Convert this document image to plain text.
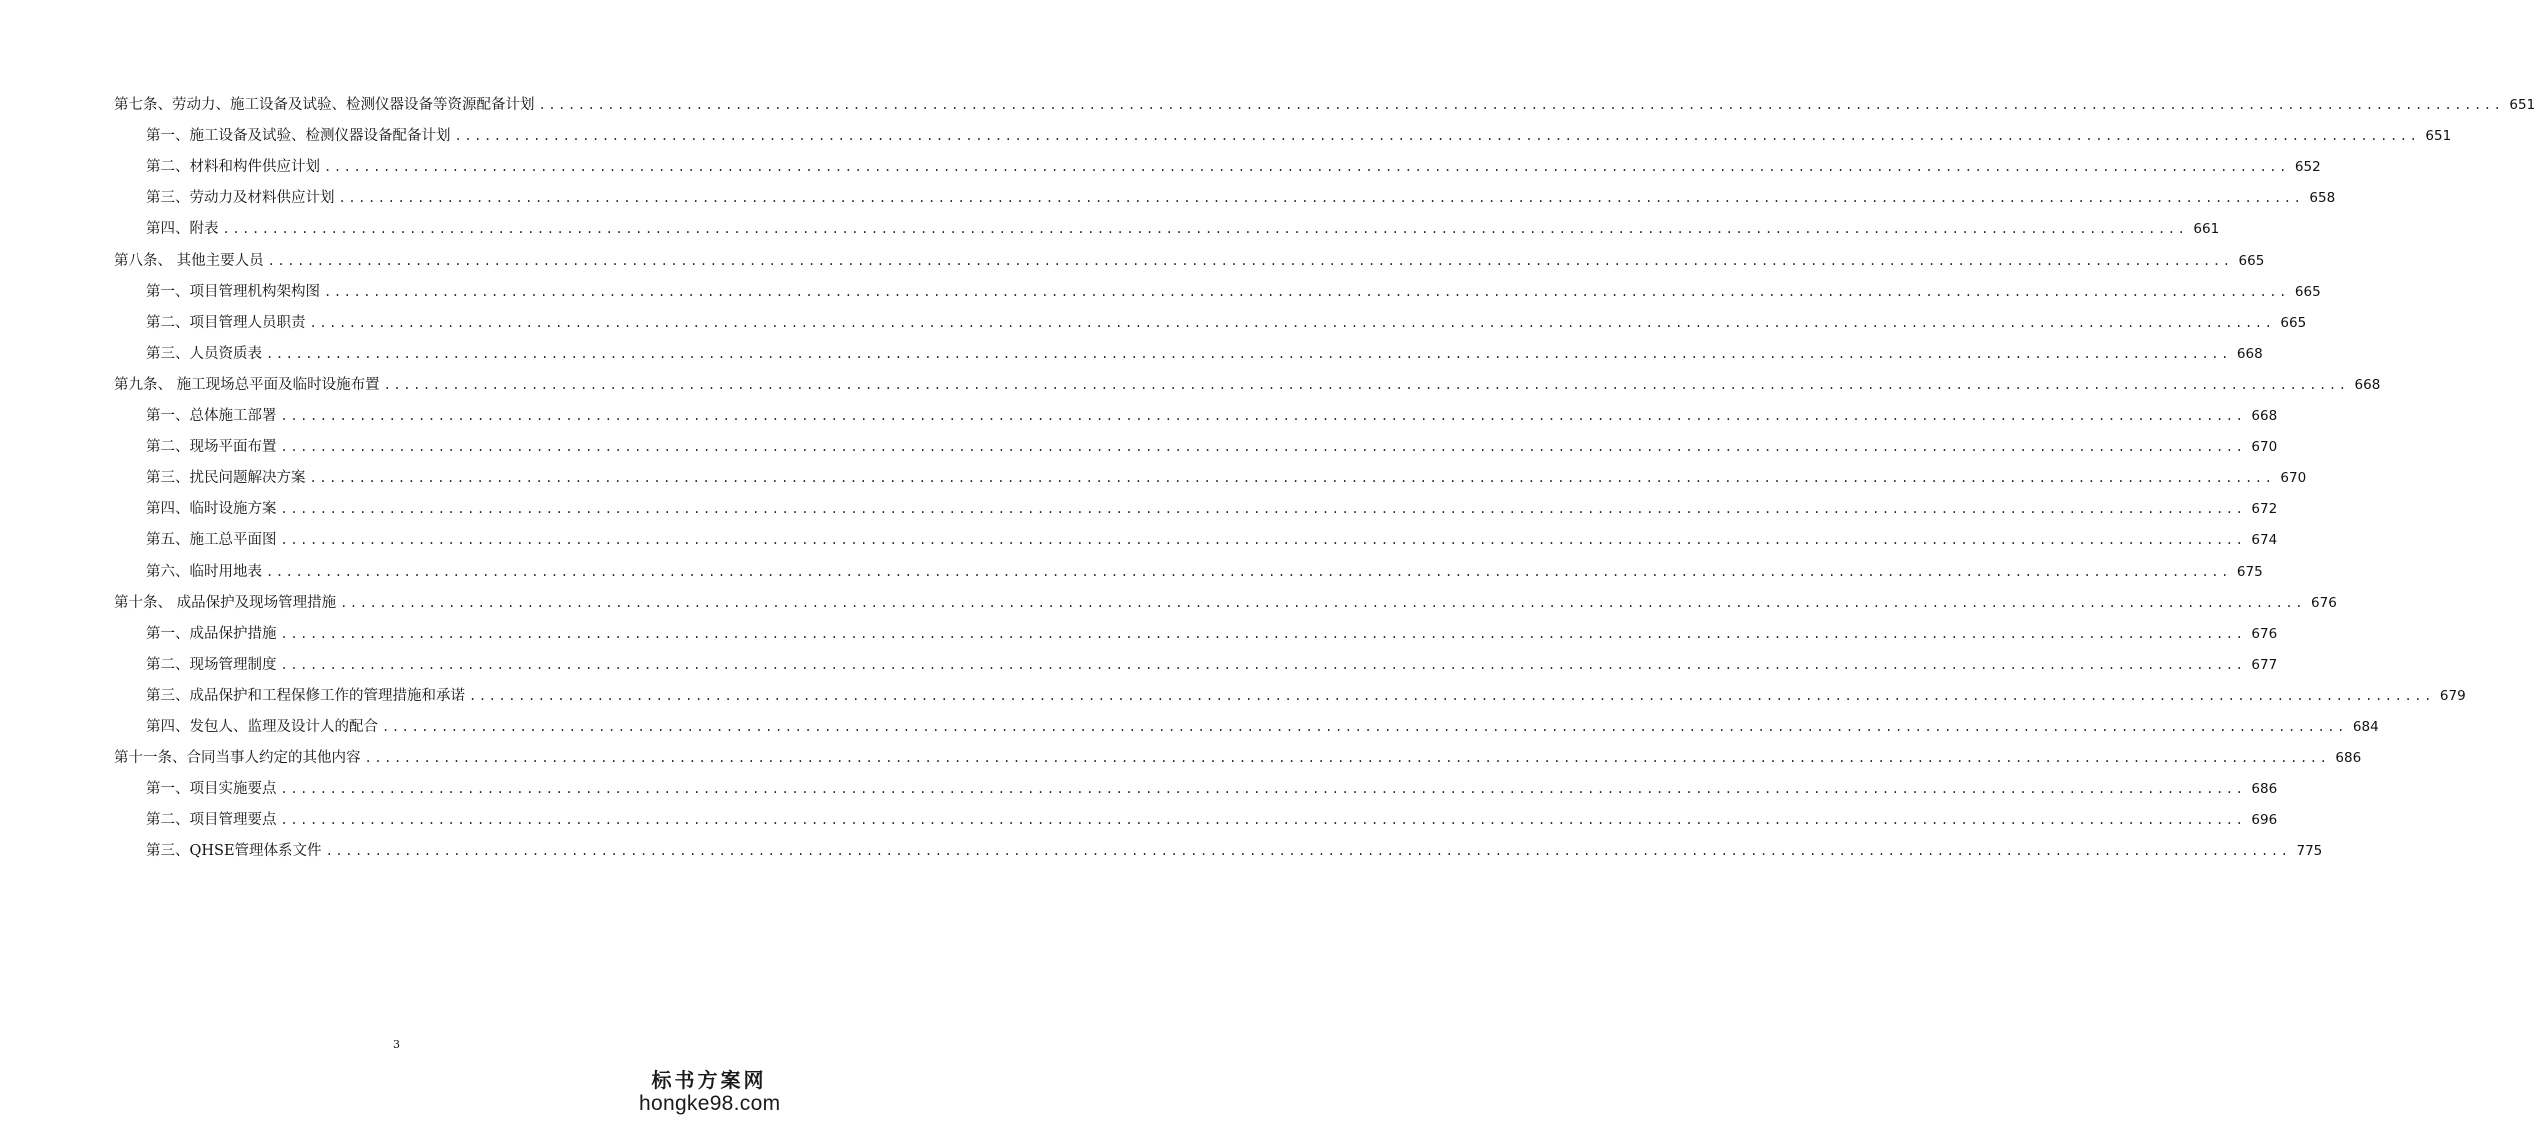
第七条、劳动力、施工设备及试验、检测仪器设备等资源配备计划 ........................................................................................................................................................................................................ 651
第一、施工设备及试验、检测仪器设备配备计划 ........................................................................................................................................................................................................ 651
第二、材料和构件供应计划 ........................................................................................................................................................................................................ 652
第三、劳动力及材料供应计划 ........................................................................................................................................................................................................ 658
第四、附表 ........................................................................................................................................................................................................ 661
第八条、 其他主要人员 ........................................................................................................................................................................................................ 665
第一、项目管理机构架构图 ........................................................................................................................................................................................................ 665
第二、项目管理人员职责 ........................................................................................................................................................................................................ 665
第三、人员资质表 ........................................................................................................................................................................................................ 668
第九条、 施工现场总平面及临时设施布置 ........................................................................................................................................................................................................ 668
第一、总体施工部署 ........................................................................................................................................................................................................ 668
第二、现场平面布置 ........................................................................................................................................................................................................ 670
第三、扰民问题解决方案 ........................................................................................................................................................................................................ 670
第四、临时设施方案 ........................................................................................................................................................................................................ 672
第五、施工总平面图 ........................................................................................................................................................................................................ 674
第六、临时用地表 ........................................................................................................................................................................................................ 675
第十条、 成品保护及现场管理措施 ........................................................................................................................................................................................................ 676
第一、成品保护措施 ........................................................................................................................................................................................................ 676
第二、现场管理制度 ........................................................................................................................................................................................................ 677
第三、成品保护和工程保修工作的管理措施和承诺 ........................................................................................................................................................................................................ 679
第四、发包人、监理及设计人的配合 ........................................................................................................................................................................................................ 684
第十一条、合同当事人约定的其他内容 ........................................................................................................................................................................................................ 686
第一、项目实施要点 ........................................................................................................................................................................................................ 686
第二、项目管理要点 ........................................................................................................................................................................................................ 696
第三、QHSE管理体系文件 ........................................................................................................................................................................................................ 775
3
标书方案网
hongke98.com
